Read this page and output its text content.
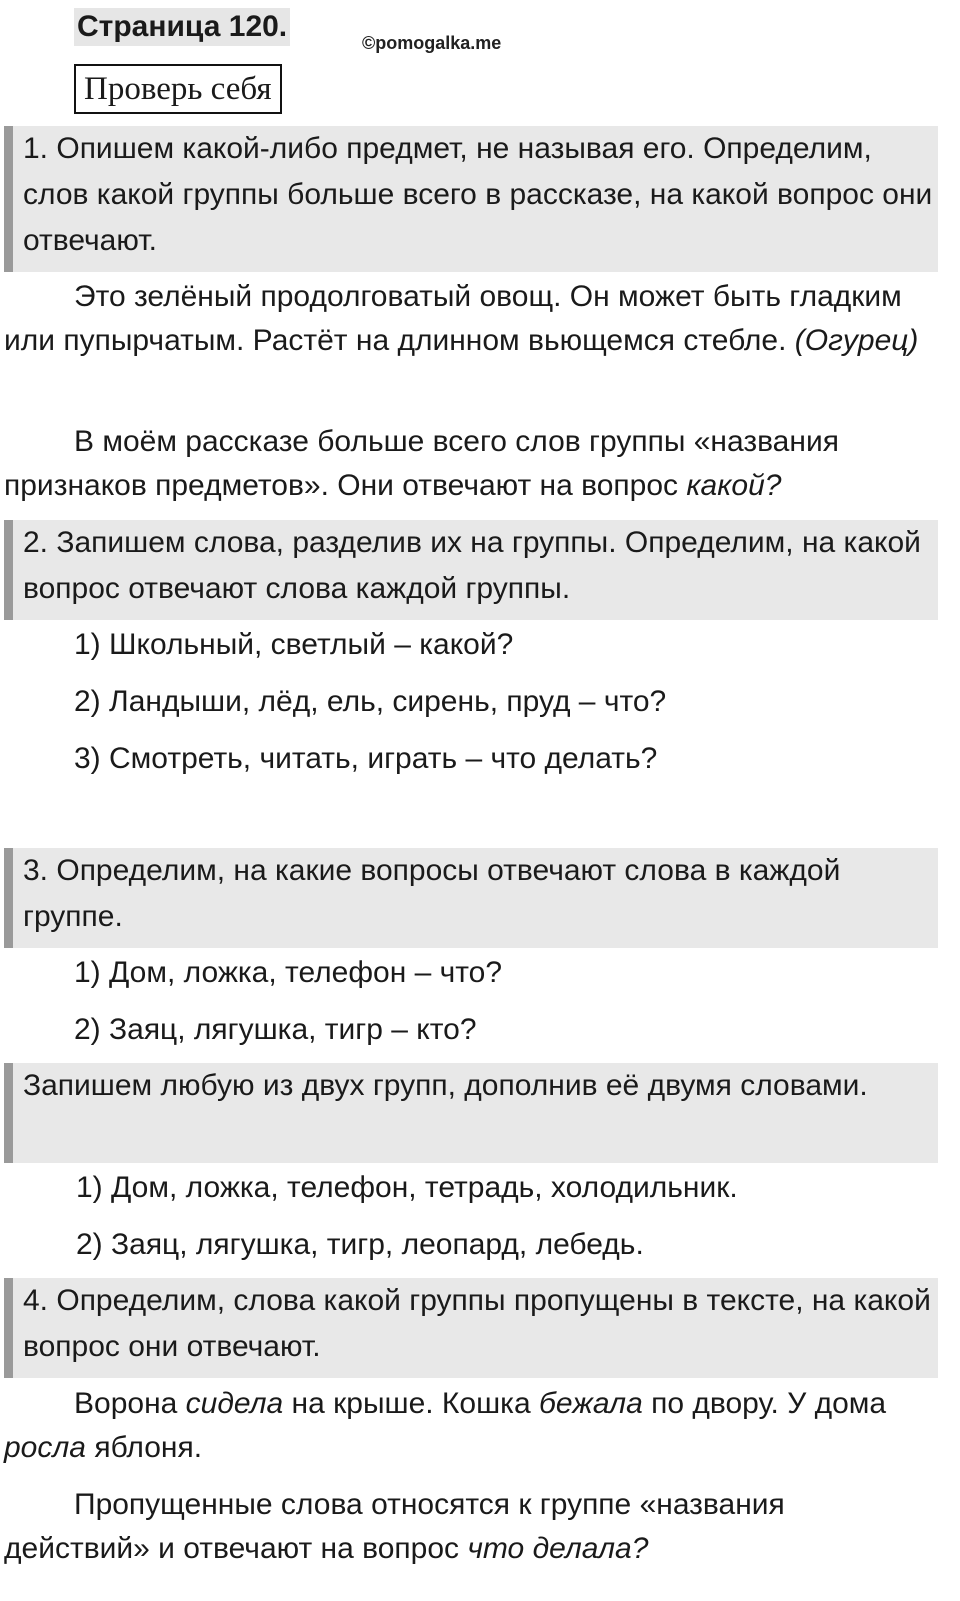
Страница 120.	©pomogalka.me
Проверь себя
1. Опишем какой-либо предмет, не называя его. Определим, слов какой группы больше всего в рассказе, на какой вопрос они отвечают.
Это зелёный продолговатый овощ. Он может быть гладким или пупырчатым. Растёт на длинном вьющемся стебле. (Огурец)
В моём рассказе больше всего слов группы «названия признаков предметов». Они отвечают на вопрос какой?
2. Запишем слова, разделив их на группы. Определим, на какой вопрос отвечают слова каждой группы.
1) Школьный, светлый – какой?
2) Ландыши, лёд, ель, сирень, пруд – что?
3) Смотреть, читать, играть – что делать?
3. Определим, на какие вопросы отвечают слова в каждой группе.
1) Дом, ложка, телефон – что?
2) Заяц, лягушка, тигр – кто?
Запишем любую из двух групп, дополнив её двумя словами.
1) Дом, ложка, телефон, тетрадь, холодильник.
2) Заяц, лягушка, тигр, леопард, лебедь.
4. Определим, слова какой группы пропущены в тексте, на какой вопрос они отвечают.
Ворона сидела на крыше. Кошка бежала по двору. У дома росла яблоня.
Пропущенные слова относятся к группе «названия действий» и отвечают на вопрос что делала?
